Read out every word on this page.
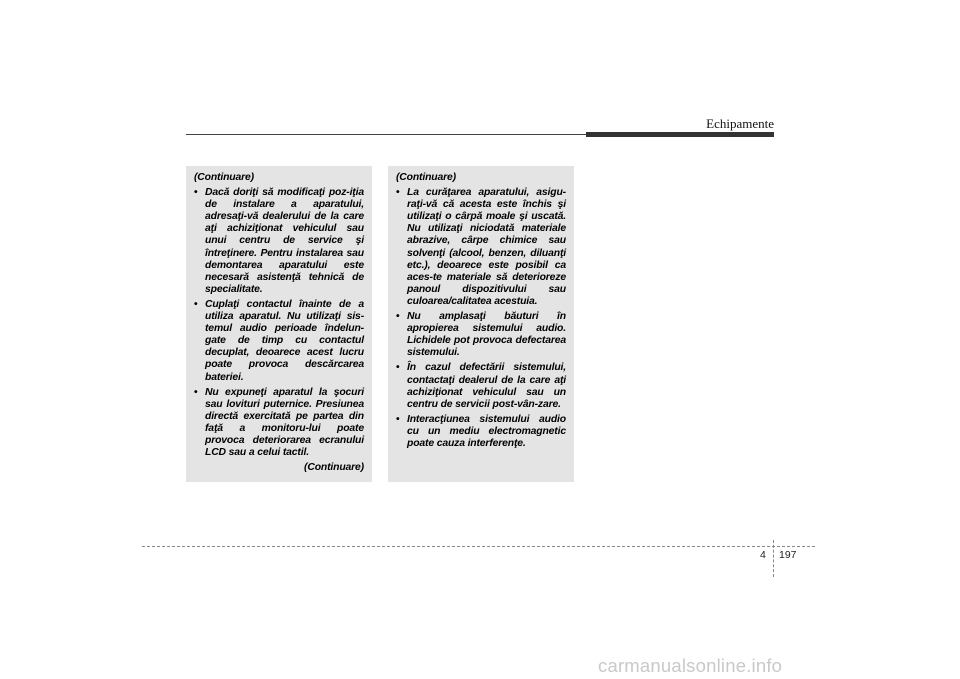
Echipamente
(Continuare)
• Dacă doriţi să modificaţi poz-iţia de instalare a aparatului, adresaţi-vă dealerului de la care aţi achiziţionat vehiculul sau unui centru de service şi întreţinere. Pentru instalarea sau demontarea aparatului este necesară asistenţă tehnică de specialitate.
• Cuplaţi contactul înainte de a utiliza aparatul. Nu utilizaţi sis-temul audio perioade îndelun-gate de timp cu contactul decuplat, deoarece acest lucru poate provoca descărcarea bateriei.
• Nu expuneţi aparatul la şocuri sau lovituri puternice. Presiunea directă exercitată pe partea din faţă a monitoru-lui poate provoca deteriorarea ecranului LCD sau a celui tactil.
(Continuare)
(Continuare)
• La curăţarea aparatului, asigu-raţi-vă că acesta este închis şi utilizaţi o cârpă moale şi uscată. Nu utilizaţi niciodată materiale abrazive, cârpe chimice sau solvenţi (alcool, benzen, diluanţi etc.), deoarece este posibil ca aces-te materiale să deterioreze panoul dispozitivului sau culoarea/calitatea acestuia.
• Nu amplasaţi băuturi în apropierea sistemului audio. Lichidele pot provoca defectarea sistemului.
• În cazul defectării sistemului, contactaţi dealerul de la care aţi achiziţionat vehiculul sau un centru de servicii post-vân-zare.
• Interacţiunea sistemului audio cu un mediu electromagnetic poate cauza interferenţe.
4 197
carmanualsonline.info
